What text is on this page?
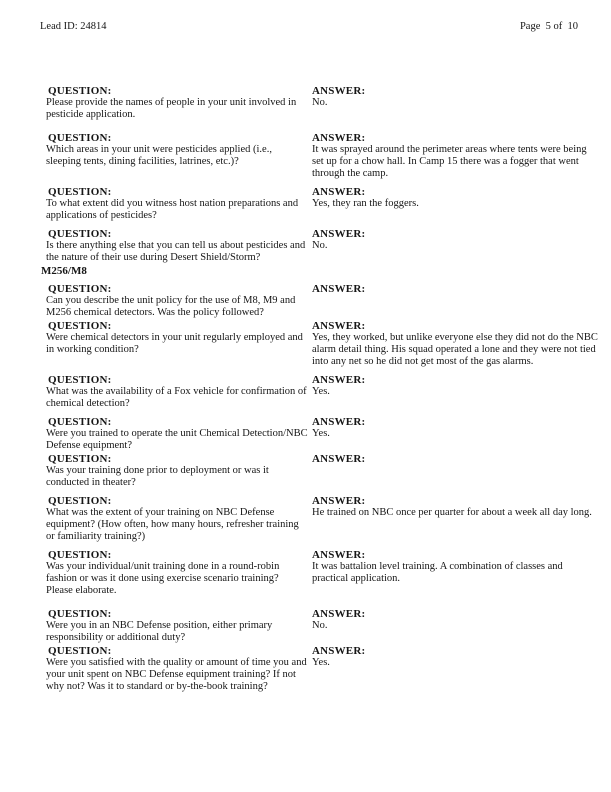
Lead ID: 24814	Page  5 of  10
QUESTION:
Please provide the names of people in your unit involved in pesticide application.
ANSWER:
No.
QUESTION:
Which areas in your unit were pesticides applied (i.e., sleeping tents, dining facilities, latrines, etc.)?
ANSWER:
It was sprayed around the perimeter areas where tents were being set up for a chow hall. In Camp 15 there was a fogger that went through the camp.
QUESTION:
To what extent did you witness host nation preparations and applications of pesticides?
ANSWER:
Yes, they ran the foggers.
QUESTION:
Is there anything else that you can tell us about pesticides and the nature of their use during Desert Shield/Storm?
ANSWER:
No.
M256/M8
QUESTION:
Can you describe the unit policy for the use of M8, M9 and M256 chemical detectors. Was the policy followed?
ANSWER:
QUESTION:
Were chemical detectors in your unit regularly employed and in working condition?
ANSWER:
Yes, they worked, but unlike everyone else they did not do the NBC alarm detail thing. His squad operated a lone and they were not tied into any net so he did not get most of the gas alarms.
QUESTION:
What was the availability of a Fox vehicle for confirmation of chemical detection?
ANSWER:
Yes.
QUESTION:
Were you trained to operate the unit Chemical Detection/NBC Defense equipment?
ANSWER:
Yes.
QUESTION:
Was your training done prior to deployment or was it conducted in theater?
ANSWER:
QUESTION:
What was the extent of your training on NBC Defense equipment? (How often, how many hours, refresher training or familiarity training?)
ANSWER:
He trained on NBC once per quarter for about a week all day long.
QUESTION:
Was your individual/unit training done in a round-robin fashion or was it done using exercise scenario training? Please elaborate.
ANSWER:
It was battalion level training. A combination of classes and practical application.
QUESTION:
Were you in an NBC Defense position, either primary responsibility or additional duty?
ANSWER:
No.
QUESTION:
Were you satisfied with the quality or amount of time you and your unit spent on NBC Defense equipment training? If not why not? Was it to standard or by-the-book training?
ANSWER:
Yes.
